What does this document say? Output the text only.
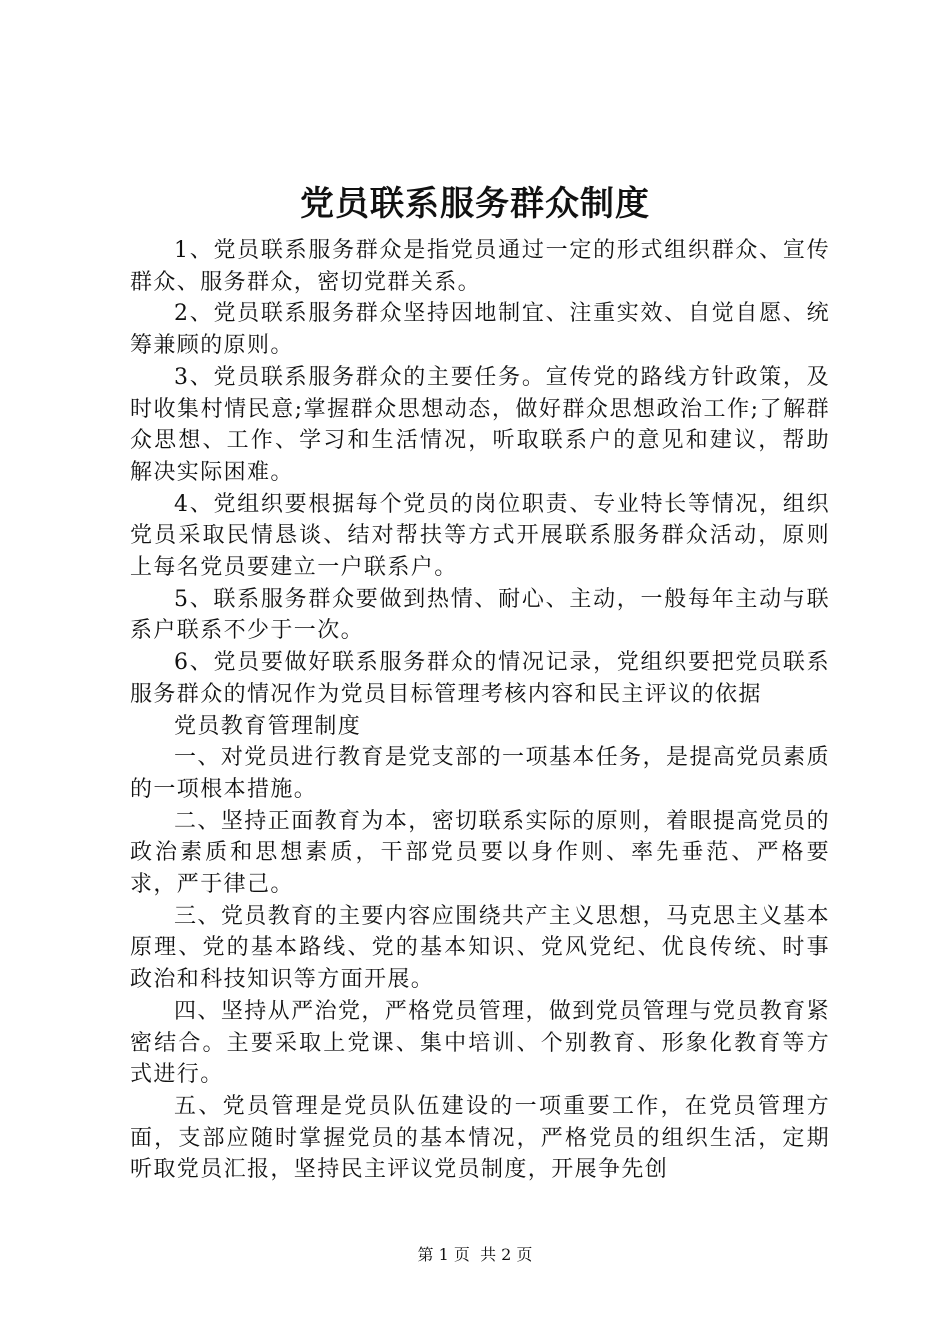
党员联系服务群众制度

1、党员联系服务群众是指党员通过一定的形式组织群众、宣传群众、服务群众，密切党群关系。

2、党员联系服务群众坚持因地制宜、注重实效、自觉自愿、统筹兼顾的原则。

3、党员联系服务群众的主要任务。宣传党的路线方针政策，及时收集村情民意;掌握群众思想动态，做好群众思想政治工作;了解群众思想、工作、学习和生活情况，听取联系户的意见和建议，帮助解决实际困难。

4、党组织要根据每个党员的岗位职责、专业特长等情况，组织党员采取民情恳谈、结对帮扶等方式开展联系服务群众活动，原则上每名党员要建立一户联系户。

5、联系服务群众要做到热情、耐心、主动，一般每年主动与联系户联系不少于一次。

6、党员要做好联系服务群众的情况记录，党组织要把党员联系服务群众的情况作为党员目标管理考核内容和民主评议的依据

党员教育管理制度

一、对党员进行教育是党支部的一项基本任务，是提高党员素质的一项根本措施。

二、坚持正面教育为本，密切联系实际的原则，着眼提高党员的政治素质和思想素质，干部党员要以身作则、率先垂范、严格要求，严于律己。

三、党员教育的主要内容应围绕共产主义思想，马克思主义基本原理、党的基本路线、党的基本知识、党风党纪、优良传统、时事政治和科技知识等方面开展。

四、坚持从严治党，严格党员管理，做到党员管理与党员教育紧密结合。主要采取上党课、集中培训、个别教育、形象化教育等方式进行。

五、党员管理是党员队伍建设的一项重要工作，在党员管理方面，支部应随时掌握党员的基本情况，严格党员的组织生活，定期听取党员汇报，坚持民主评议党员制度，开展争先创

第 1 页  共 2 页
